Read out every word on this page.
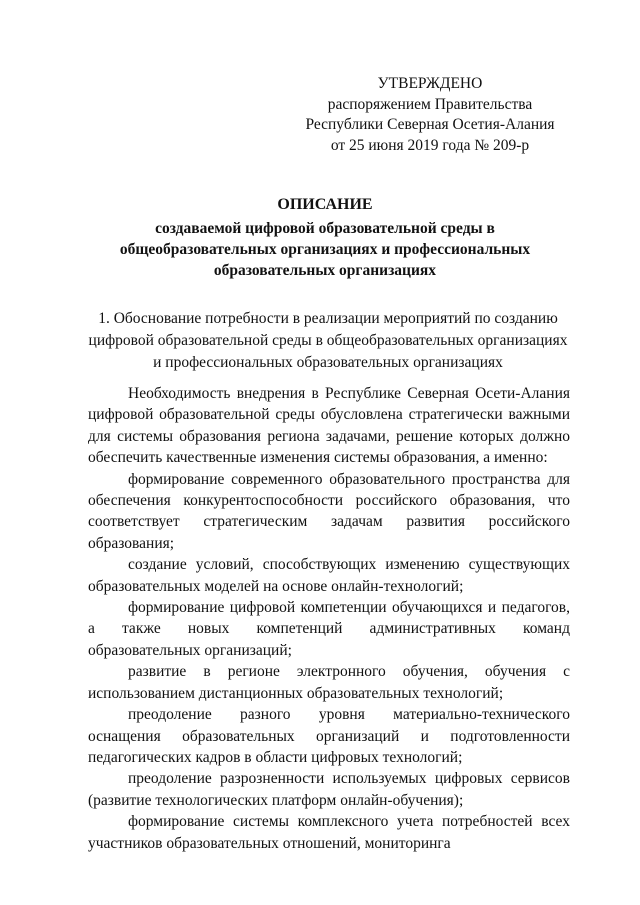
УТВЕРЖДЕНО
распоряжением Правительства
Республики Северная Осетия-Алания
от 25 июня 2019 года № 209-р
ОПИСАНИЕ
создаваемой цифровой образовательной среды в
общеобразовательных организациях и профессиональных
образовательных организациях
1. Обоснование потребности в реализации мероприятий по созданию
цифровой образовательной среды в общеобразовательных организациях
и профессиональных образовательных организациях

Необходимость внедрения в Республике Северная Осети-Алания цифровой образовательной среды обусловлена стратегически важными для системы образования региона задачами, решение которых должно обеспечить качественные изменения системы образования, а именно:

формирование современного образовательного пространства для обеспечения конкурентоспособности российского образования, что соответствует стратегическим задачам развития российского образования;

создание условий, способствующих изменению существующих образовательных моделей на основе онлайн-технологий;

формирование цифровой компетенции обучающихся и педагогов, а также новых компетенций административных команд образовательных организаций;

развитие в регионе электронного обучения, обучения с использованием дистанционных образовательных технологий;

преодоление разного уровня материально-технического оснащения образовательных организаций и подготовленности педагогических кадров в области цифровых технологий;

преодоление разрозненности используемых цифровых сервисов (развитие технологических платформ онлайн-обучения);

формирование системы комплексного учета потребностей всех участников образовательных отношений, мониторинга
